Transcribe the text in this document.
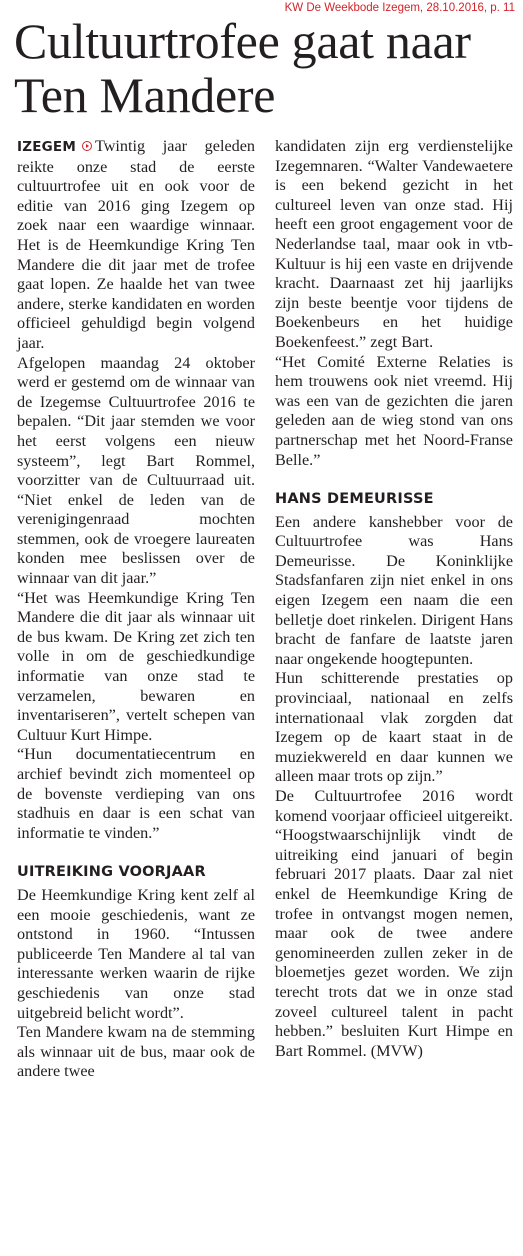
KW De Weekbode Izegem, 28.10.2016, p. 11
Cultuurtrofee gaat naar Ten Mandere

IZEGEM Twintig jaar geleden reikte onze stad de eerste cultuurtrofee uit en ook voor de editie van 2016 ging Izegem op zoek naar een waardige winnaar. Het is de Heemkundige Kring Ten Mandere die dit jaar met de trofee gaat lopen. Ze haalde het van twee andere, sterke kandidaten en worden officieel gehuldigd begin volgend jaar.

Afgelopen maandag 24 oktober werd er gestemd om de winnaar van de Izegemse Cultuurtrofee 2016 te bepalen. “Dit jaar stemden we voor het eerst volgens een nieuw systeem”, legt Bart Rommel, voorzitter van de Cultuurraad uit. “Niet enkel de leden van de verenigingenraad mochten stemmen, ook de vroegere laureaten konden mee beslissen over de winnaar van dit jaar.”

“Het was Heemkundige Kring Ten Mandere die dit jaar als winnaar uit de bus kwam. De Kring zet zich ten volle in om de geschiedkundige informatie van onze stad te verzamelen, bewaren en inventariseren”, vertelt schepen van Cultuur Kurt Himpe.

“Hun documentatiecentrum en archief bevindt zich momenteel op de bovenste verdieping van ons stadhuis en daar is een schat van informatie te vinden.”

UITREIKING VOORJAAR

De Heemkundige Kring kent zelf al een mooie geschiedenis, want ze ontstond in 1960. “Intussen publiceerde Ten Mandere al tal van interessante werken waarin de rijke geschiedenis van onze stad uitgebreid belicht wordt”.

Ten Mandere kwam na de stemming als winnaar uit de bus, maar ook de andere twee

kandidaten zijn erg verdienstelijke Izegemnaren. “Walter Vandewaetere is een bekend gezicht in het cultureel leven van onze stad. Hij heeft een groot engagement voor de Nederlandse taal, maar ook in vtb-Kultuur is hij een vaste en drijvende kracht. Daarnaast zet hij jaarlijks zijn beste beentje voor tijdens de Boekenbeurs en het huidige Boekenfeest.” zegt Bart.

“Het Comité Externe Relaties is hem trouwens ook niet vreemd. Hij was een van de gezichten die jaren geleden aan de wieg stond van ons partnerschap met het Noord-Franse Belle.”

HANS DEMEURISSE

Een andere kanshebber voor de Cultuurtrofee was Hans Demeurisse. De Koninklijke Stadsfanfaren zijn niet enkel in ons eigen Izegem een naam die een belletje doet rinkelen. Dirigent Hans bracht de fanfare de laatste jaren naar ongekende hoogtepunten.

Hun schitterende prestaties op provinciaal, nationaal en zelfs internationaal vlak zorgden dat Izegem op de kaart staat in de muziekwereld en daar kunnen we alleen maar trots op zijn.”

De Cultuurtrofee 2016 wordt komend voorjaar officieel uitgereikt.

“Hoogstwaarschijnlijk vindt de uitreiking eind januari of begin februari 2017 plaats. Daar zal niet enkel de Heemkundige Kring de trofee in ontvangst mogen nemen, maar ook de twee andere genomineerden zullen zeker in de bloemetjes gezet worden. We zijn terecht trots dat we in onze stad zoveel cultureel talent in pacht hebben.” besluiten Kurt Himpe en Bart Rommel. (MVW)
